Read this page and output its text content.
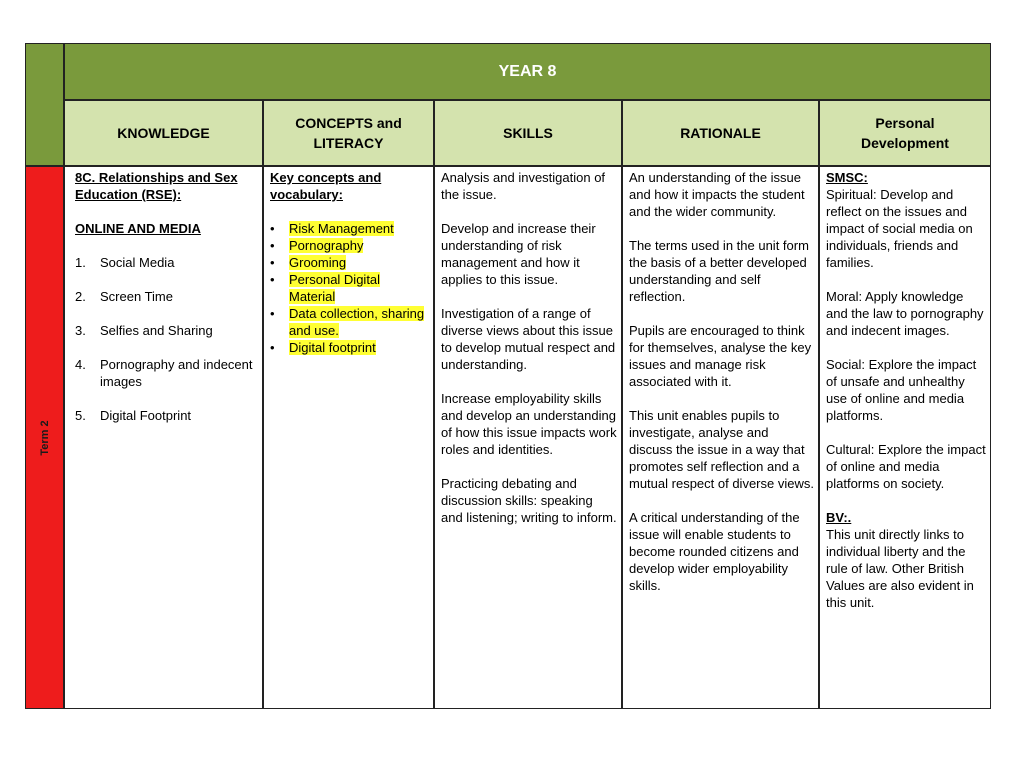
Term 2
YEAR 8
KNOWLEDGE
CONCEPTS and
LITERACY
SKILLS	RATIONALE
Personal
Development
8C. Relationships and Sex Education (RSE):
ONLINE AND MEDIA
1. Social Media
2. Screen Time
3. Selfies and Sharing
4. Pornography and indecent images
5. Digital Footprint
Key concepts and vocabulary:
• Risk Management
• Pornography
• Grooming
• Personal Digital Material
• Data collection, sharing and use.
• Digital footprint

Analysis and investigation of the issue.

Develop and increase their understanding of risk management and how it applies to this issue.

Investigation of a range of diverse views about this issue to develop mutual respect and understanding.

Increase employability skills and develop an understanding of how this issue impacts work roles and identities.

Practicing debating and discussion skills: speaking and listening; writing to inform.

An understanding of the issue and how it impacts the student and the wider community.

The terms used in the unit form the basis of a better developed understanding and self reflection.

Pupils are encouraged to think for themselves, analyse the key issues and manage risk associated with it.

This unit enables pupils to investigate, analyse and discuss the issue in a way that promotes self reflection and a mutual respect of diverse views.

A critical understanding of the issue will enable students to become rounded citizens and develop wider employability skills.

SMSC:
Spiritual: Develop and reflect on the issues and impact of social media on individuals, friends and families.
Moral: Apply knowledge and the law to pornography and indecent images.
Social: Explore the impact of unsafe and unhealthy use of online and media platforms.
Cultural: Explore the impact of online and media platforms on society.
BV:.
This unit directly links to individual liberty and the rule of law. Other British Values are also evident in this unit.
